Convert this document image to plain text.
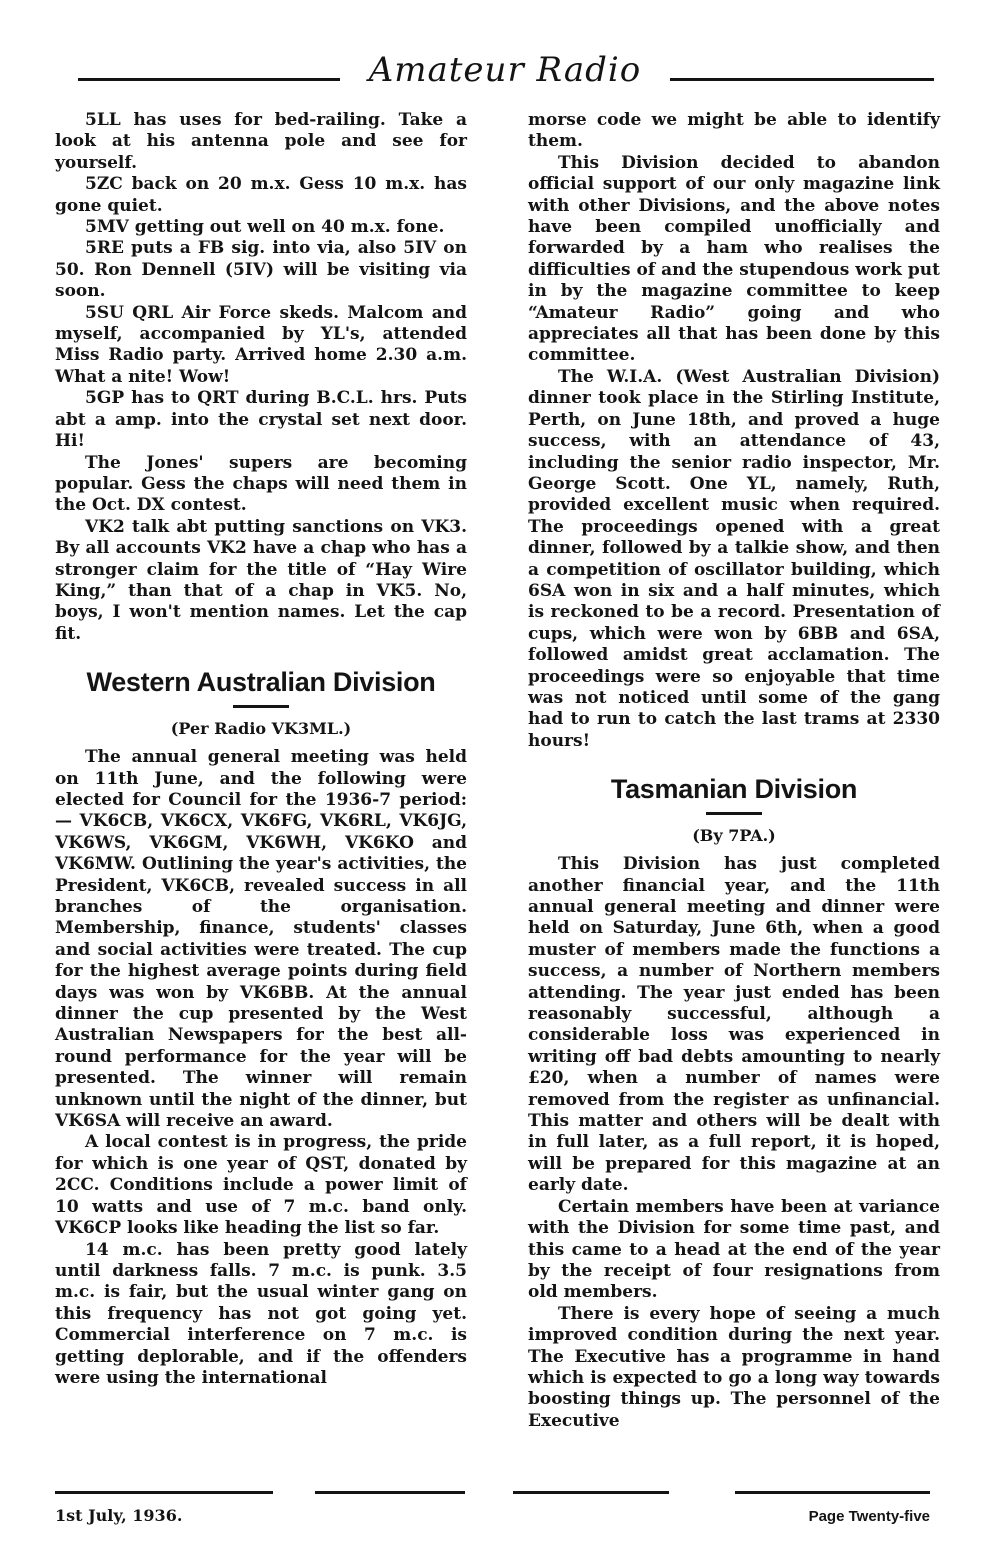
Amateur Radio

5LL has uses for bed-railing. Take a look at his antenna pole and see for yourself.

5ZC back on 20 m.x. Gess 10 m.x. has gone quiet.

5MV getting out well on 40 m.x. fone.

5RE puts a FB sig. into via, also 5IV on 50. Ron Dennell (5IV) will be visiting via soon.

5SU QRL Air Force skeds. Malcom and myself, accompanied by YL's, attended Miss Radio party. Arrived home 2.30 a.m. What a nite! Wow!

5GP has to QRT during B.C.L. hrs. Puts abt a amp. into the crystal set next door. Hi!

The Jones' supers are becoming popular. Gess the chaps will need them in the Oct. DX contest.

VK2 talk abt putting sanctions on VK3. By all accounts VK2 have a chap who has a stronger claim for the title of “Hay Wire King,” than that of a chap in VK5. No, boys, I won't mention names. Let the cap fit.

Western Australian Division
(Per Radio VK3ML.)

The annual general meeting was held on 11th June, and the following were elected for Council for the 1936-7 period: — VK6CB, VK6CX, VK6FG, VK6RL, VK6JG, VK6WS, VK6GM, VK6WH, VK6KO and VK6MW. Outlining the year's activities, the President, VK6CB, revealed success in all branches of the organisation. Membership, finance, students' classes and social activities were treated. The cup for the highest average points during field days was won by VK6BB. At the annual dinner the cup presented by the West Australian Newspapers for the best all-round performance for the year will be presented. The winner will remain unknown until the night of the dinner, but VK6SA will receive an award.

A local contest is in progress, the pride for which is one year of QST, donated by 2CC. Conditions include a power limit of 10 watts and use of 7 m.c. band only. VK6CP looks like heading the list so far.

14 m.c. has been pretty good lately until darkness falls. 7 m.c. is punk. 3.5 m.c. is fair, but the usual winter gang on this frequency has not got going yet. Commercial interference on 7 m.c. is getting deplorable, and if the offenders were using the international

morse code we might be able to identify them.

This Division decided to abandon official support of our only magazine link with other Divisions, and the above notes have been compiled unofficially and forwarded by a ham who realises the difficulties of and the stupendous work put in by the magazine committee to keep “Amateur Radio” going and who appreciates all that has been done by this committee.

The W.I.A. (West Australian Division) dinner took place in the Stirling Institute, Perth, on June 18th, and proved a huge success, with an attendance of 43, including the senior radio inspector, Mr. George Scott. One YL, namely, Ruth, provided excellent music when required. The proceedings opened with a great dinner, followed by a talkie show, and then a competition of oscillator building, which 6SA won in six and a half minutes, which is reckoned to be a record. Presentation of cups, which were won by 6BB and 6SA, followed amidst great acclamation. The proceedings were so enjoyable that time was not noticed until some of the gang had to run to catch the last trams at 2330 hours!

Tasmanian Division
(By 7PA.)

This Division has just completed another financial year, and the 11th annual general meeting and dinner were held on Saturday, June 6th, when a good muster of members made the functions a success, a number of Northern members attending. The year just ended has been reasonably successful, although a considerable loss was experienced in writing off bad debts amounting to nearly £20, when a number of names were removed from the register as unfinancial. This matter and others will be dealt with in full later, as a full report, it is hoped, will be prepared for this magazine at an early date.

Certain members have been at variance with the Division for some time past, and this came to a head at the end of the year by the receipt of four resignations from old members.

There is every hope of seeing a much improved condition during the next year. The Executive has a programme in hand which is expected to go a long way towards boosting things up. The personnel of the Executive

1st July, 1936.	Page Twenty-five
